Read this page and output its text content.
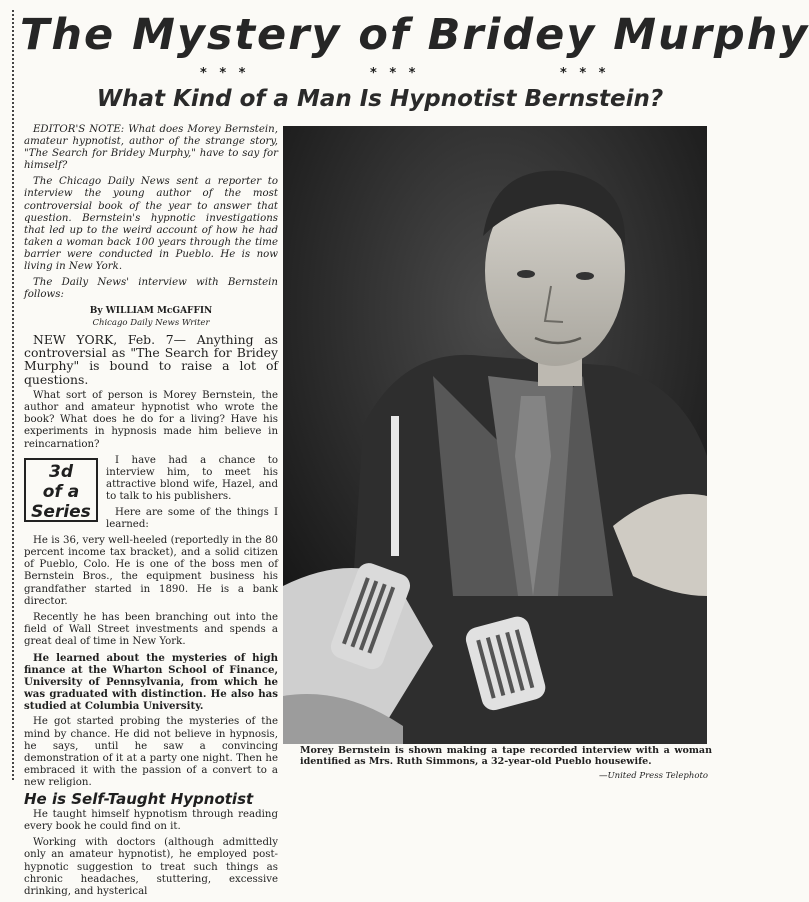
The Mystery of Bridey Murphy
* * *	* * *	* * *
What Kind of a Man Is Hypnotist Bernstein?

EDITOR'S NOTE: What does Morey Bernstein, amateur hypnotist, author of the strange story, "The Search for Bridey Murphy," have to say for himself?

The Chicago Daily News sent a reporter to interview the young author of the most controversial book of the year to answer that question. Bernstein's hypnotic investigations that led up to the weird account of how he had taken a woman back 100 years through the time barrier were conducted in Pueblo. He is now living in New York.

The Daily News' interview with Bernstein follows:

By WILLIAM McGAFFIN
Chicago Daily News Writer

NEW YORK, Feb. 7— Anything as controversial as "The Search for Bridey Murphy" is bound to raise a lot of questions.

What sort of person is Morey Bernstein, the author and amateur hypnotist who wrote the book? What does he do for a living? Have his experiments in hypnosis made him believe in reincarnation?

3d
of a
Series

I have had a chance to interview him, to meet his attractive blond wife, Hazel, and to talk to his publishers.

Here are some of the things I learned:

He is 36, very well-heeled (reportedly in the 80 percent income tax bracket), and a solid citizen of Pueblo, Colo. He is one of the boss men of Bernstein Bros., the equipment business his grandfather started in 1890. He is a bank director.

Recently he has been branching out into the field of Wall Street investments and spends a great deal of time in New York.

He learned about the mysteries of high finance at the Wharton School of Finance, University of Pennsylvania, from which he was graduated with distinction. He also has studied at Columbia University.

He got started probing the mysteries of the mind by chance. He did not believe in hypnosis, he says, until he saw a convincing demonstration of it at a party one night. Then he embraced it with the passion of a convert to a new religion.

He is Self-Taught Hypnotist

He taught himself hypnotism through reading every book he could find on it.

Working with doctors (although admittedly only an amateur hypnotist), he employed post-hypnotic suggestion to treat such things as chronic headaches, stuttering, excessive drinking, and hysterical

Morey Bernstein is shown making a tape recorded interview with a woman identified as Mrs. Ruth Simmons, a 32-year-old Pueblo housewife.
—United Press Telephoto
